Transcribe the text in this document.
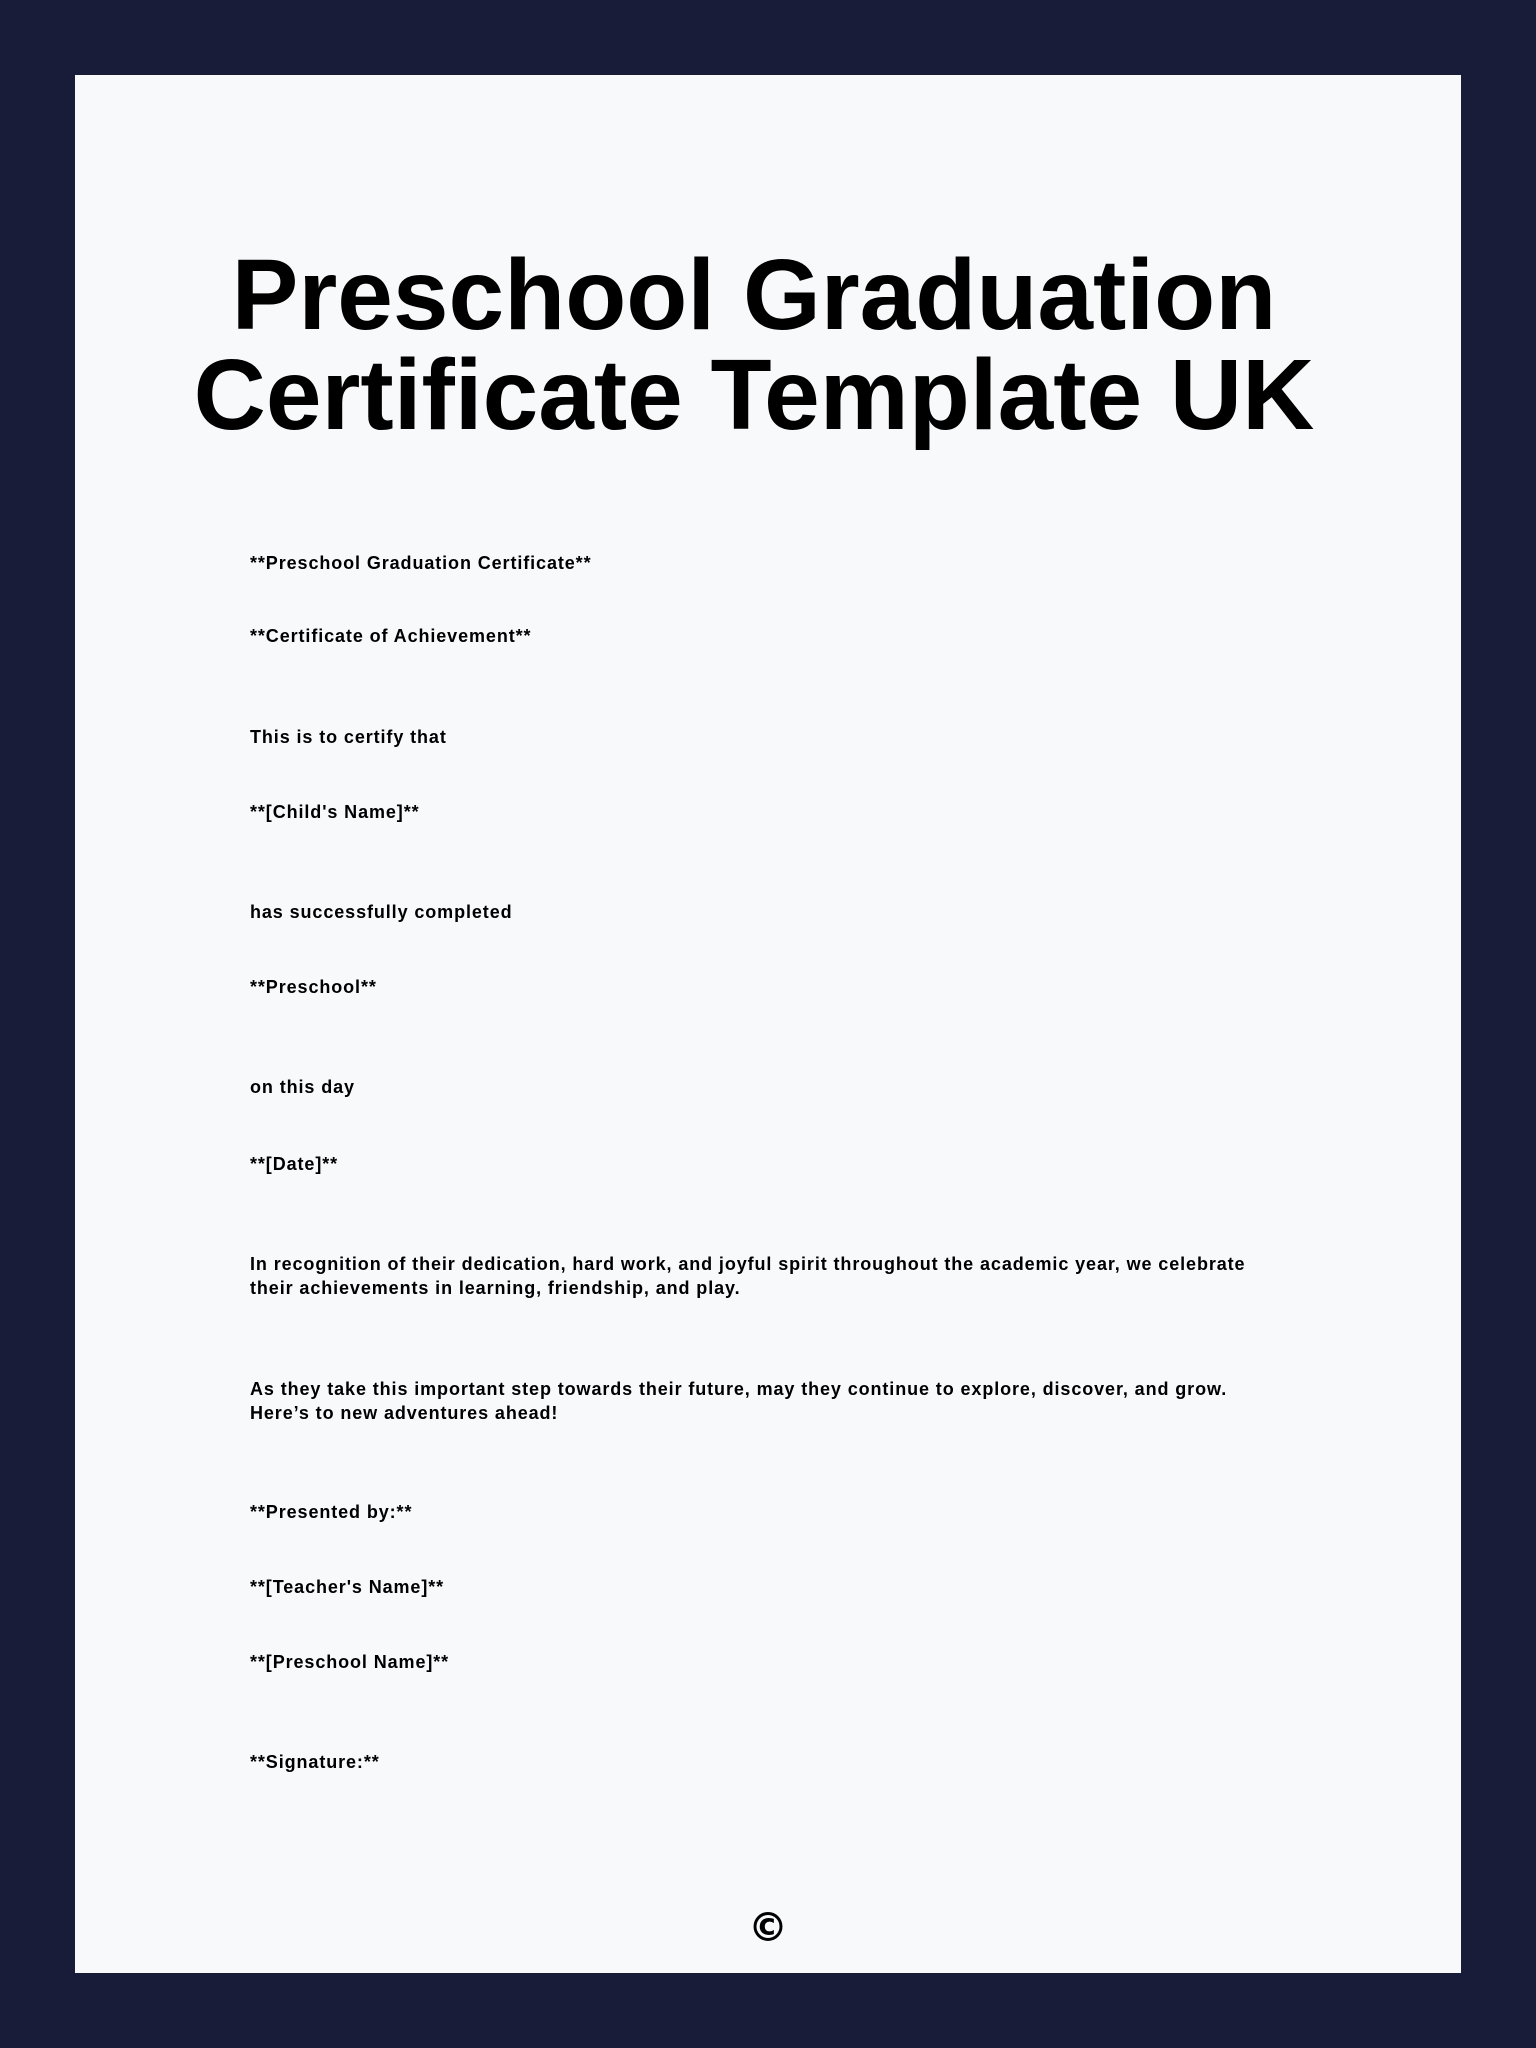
Preschool Graduation
Certificate Template UK

**Preschool Graduation Certificate**

**Certificate of Achievement**

This is to certify that

**[Child's Name]**

has successfully completed

**Preschool**

on this day

**[Date]**

In recognition of their dedication, hard work, and joyful spirit throughout the academic year, we celebrate their achievements in learning, friendship, and play.

As they take this important step towards their future, may they continue to explore, discover, and grow. Here’s to new adventures ahead!

**Presented by:**

**[Teacher's Name]**

**[Preschool Name]**

**Signature:**

©
